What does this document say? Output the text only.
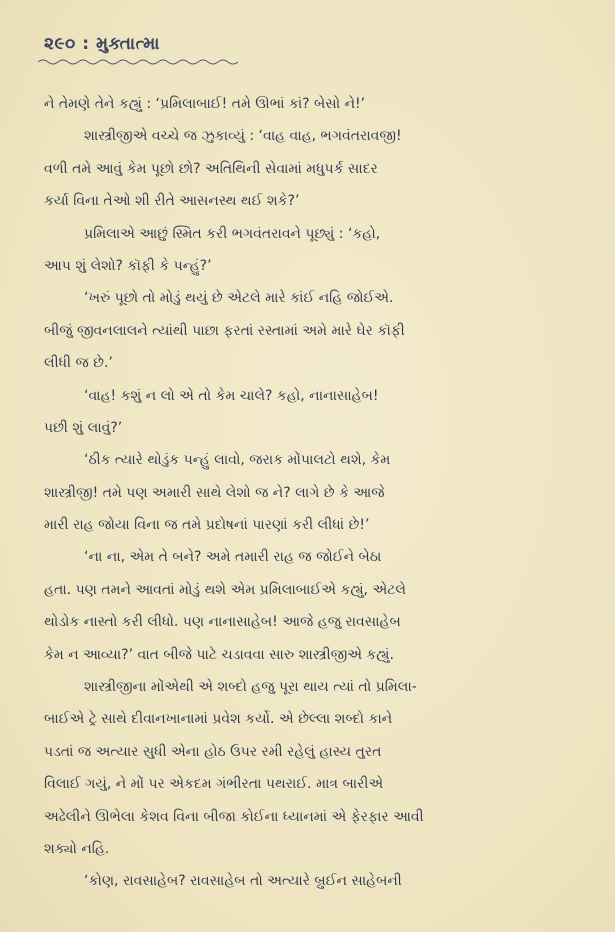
૨૯૦ : મુક્તાત્મા
ને તેમણે તેને કહ્યું : ‘પ્રમિલાબાઈ! તમે ઊભાં કાં? બેસો ને!’
શાસ્ત્રીજીએ વચ્ચે જ ઝુકાવ્યું : ‘વાહ વાહ, ભગવંતરાવજી!
વળી તમે આવું કેમ પૂછો છો? અતિથિની સેવામાં મધુપર્ક સાદર
કર્યા વિના તેઓ શી રીતે આસનસ્થ થઈ શકે?’
પ્રમિલાએ આછું સ્મિત કરી ભગવંતરાવને પૂછ્યું : ‘કહો,
આપ શું લેશો? કૉફી કે પન્હું?’
‘ખરું પૂછો તો મોડું થયું છે એટલે મારે કાંઈ નહિ જોઈએ.
બીજું જીવનલાલને ત્યાંથી પાછા ફરતાં રસ્તામાં અમે મારે ઘેર કૉફી
લીધી જ છે.’
‘વાહ! કશું ન લો એ તો કેમ ચાલે? કહો, નાનાસાહેબ!
પછી શું લાવું?’
‘ઠીક ત્યારે થોડુંક પન્હું લાવો, જરાક મોંપાલટો થશે, કેમ
શાસ્ત્રીજી! તમે પણ અમારી સાથે લેશો જ ને? લાગે છે કે આજે
મારી રાહ જોયા વિના જ તમે પ્રદોષનાં પારણાં કરી લીધાં છે!’
‘ના ના, એમ તે બને? અમે તમારી રાહ જ જોઈને બેઠા
હતા. પણ તમને આવતાં મોડું થશે એમ પ્રમિલાબાઈએ કહ્યું, એટલે
થોડોક નાસ્તો કરી લીધો. પણ નાનાસાહેબ! આજે હજુ રાવસાહેબ
કેમ ન આવ્યા?’ વાત બીજે પાટે ચડાવવા સારુ શાસ્ત્રીજીએ કહ્યું.
શાસ્ત્રીજીના મોંએથી એ શબ્દો હજુ પૂરા થાય ત્યાં તો પ્રમિલા-
બાઈએ ટ્રે સાથે દીવાનખાનામાં પ્રવેશ કર્યો. એ છેલ્લા શબ્દો કાને
પડતાં જ અત્યાર સુધી એના હોઠ ઉપર રમી રહેલું હાસ્ય તુરત
વિલાઈ ગયું, ને મોં પર એકદમ ગંભીરતા પથરાઈ. માત્ર બારીએ
અઢેલીને ઊભેલા કેશવ વિના બીજા કોઈના ધ્યાનમાં એ ફેરફાર આવી
શક્યો નહિ.
‘કોણ, રાવસાહેબ? રાવસાહેબ તો અત્યારે બ્રુઈન સાહેબની
